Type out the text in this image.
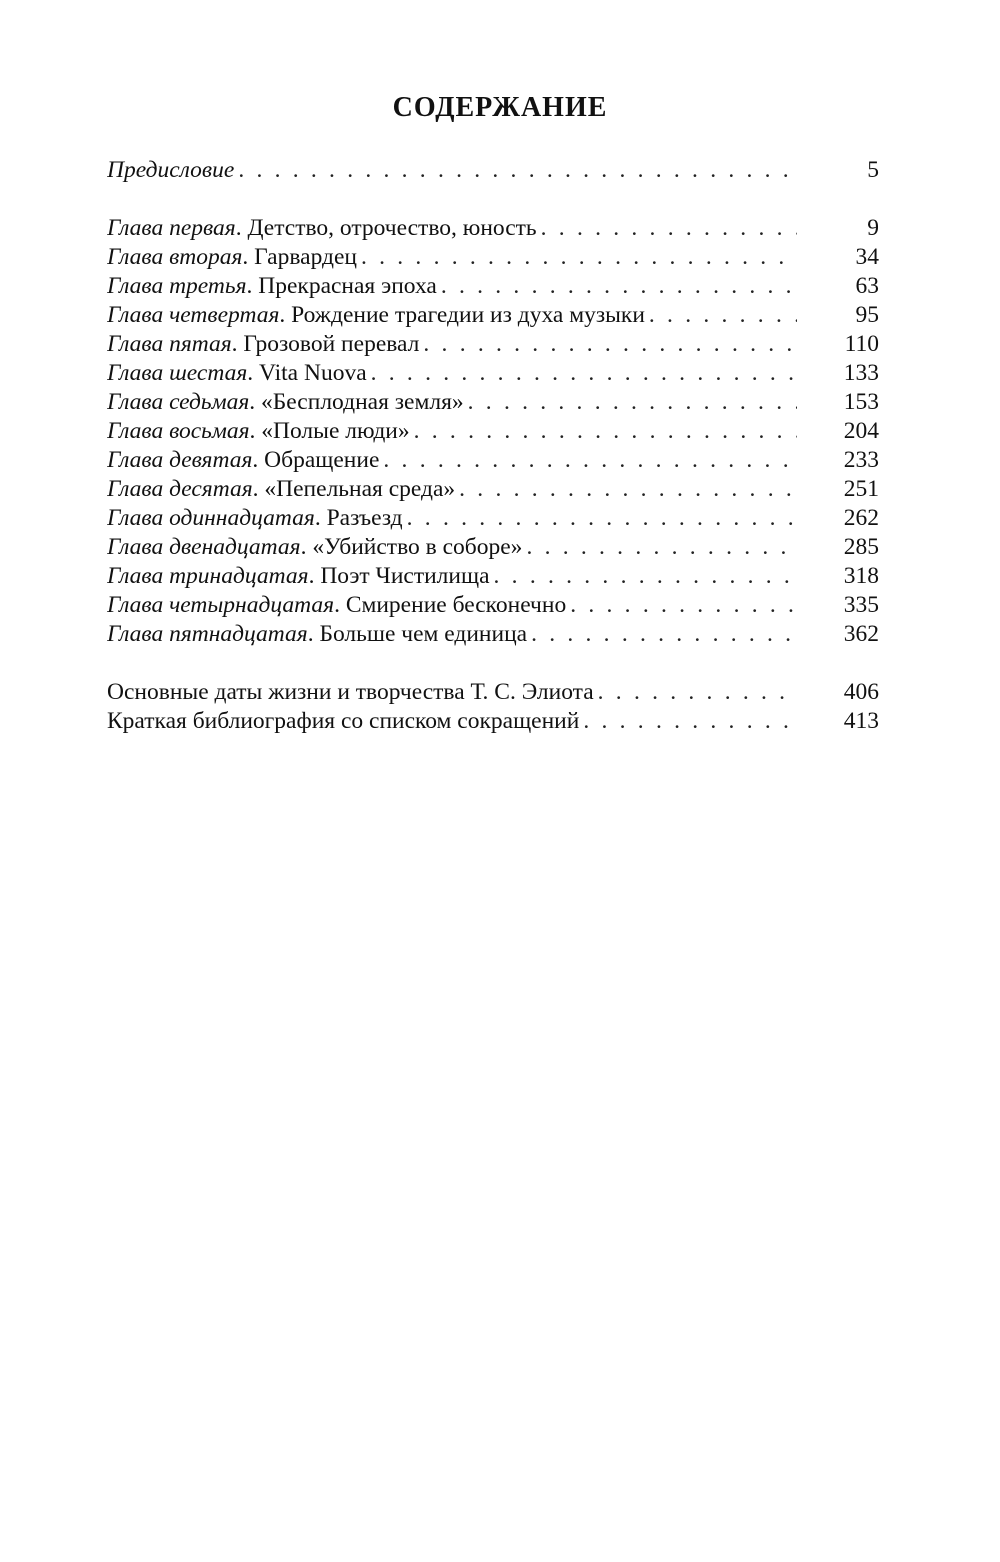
СОДЕРЖАНИЕ
Предисловие . . .	5
Глава первая. Детство, отрочество, юность . . .	9
Глава вторая. Гарвардец . . .	34
Глава третья. Прекрасная эпоха . . .	63
Глава четвертая. Рождение трагедии из духа музыки . . .	95
Глава пятая. Грозовой перевал . . .	110
Глава шестая. Vita Nuova . . .	133
Глава седьмая. «Бесплодная земля» . . .	153
Глава восьмая. «Полые люди» . . .	204
Глава девятая. Обращение . . .	233
Глава десятая. «Пепельная среда» . . .	251
Глава одиннадцатая. Разъезд . . .	262
Глава двенадцатая. «Убийство в соборе» . . .	285
Глава тринадцатая. Поэт Чистилища . . .	318
Глава четырнадцатая. Смирение бесконечно . . .	335
Глава пятнадцатая. Больше чем единица . . .	362
Основные даты жизни и творчества Т. С. Элиота . . .	406
Краткая библиография со списком сокращений . . .	413
